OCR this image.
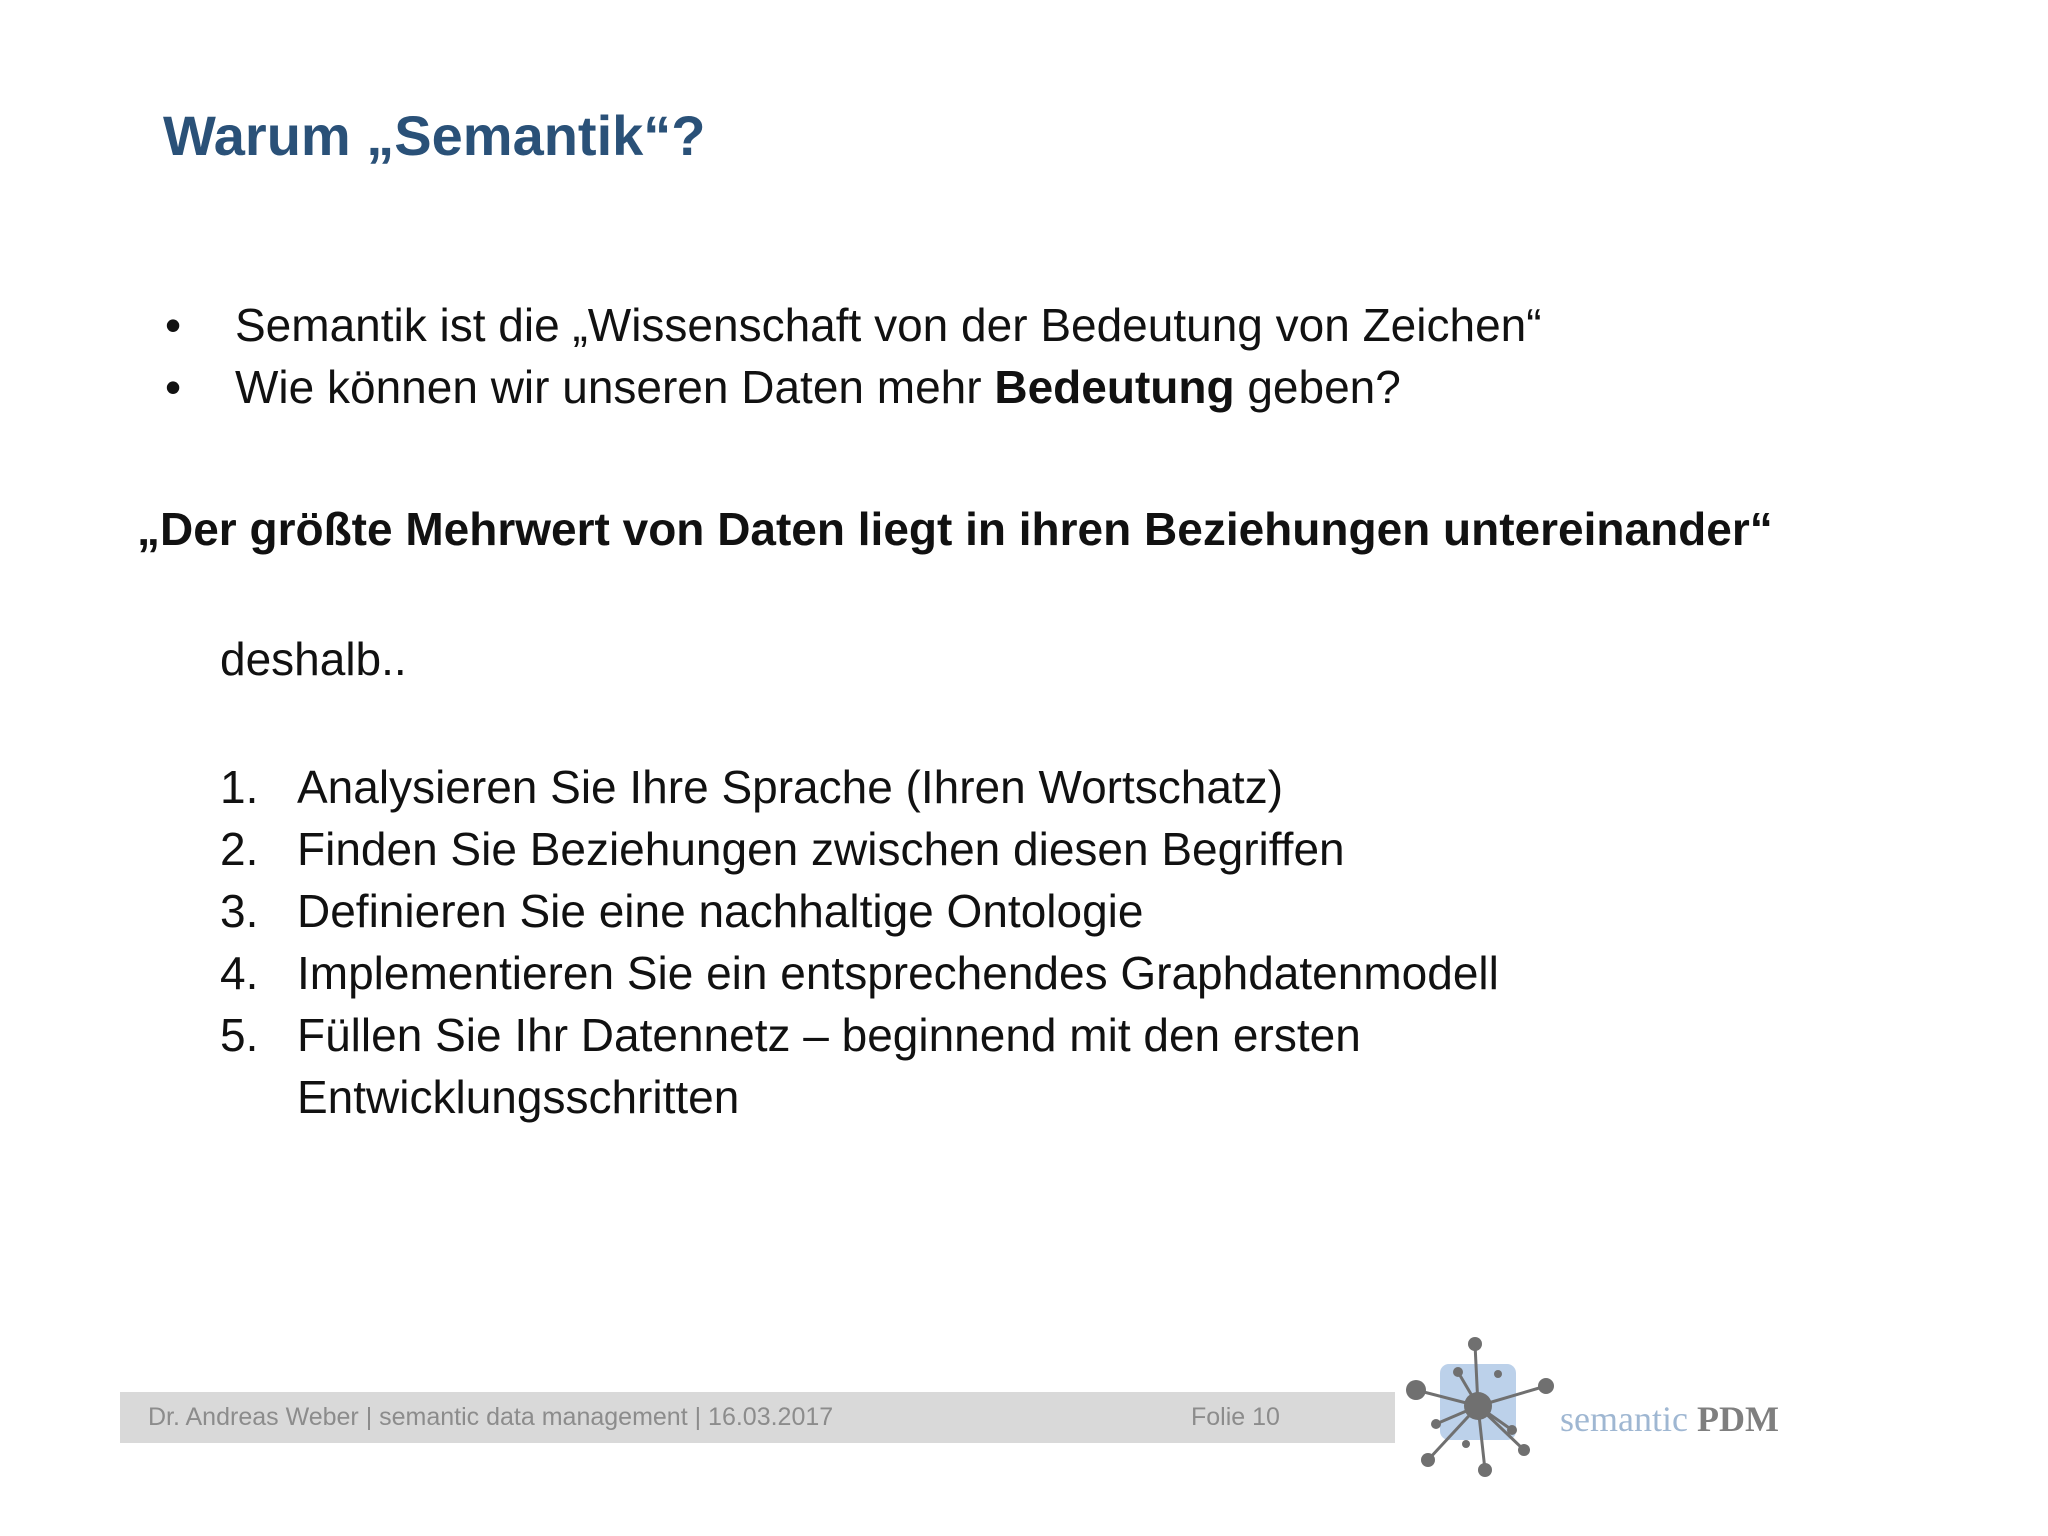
Warum „Semantik“?
• Semantik ist die „Wissenschaft von der Bedeutung von Zeichen“
• Wie können wir unseren Daten mehr Bedeutung geben?
„Der größte Mehrwert von Daten liegt in ihren Beziehungen untereinander“
deshalb..
1. Analysieren Sie Ihre Sprache (Ihren Wortschatz)
2. Finden Sie Beziehungen zwischen diesen Begriffen
3. Definieren Sie eine nachhaltige Ontologie
4. Implementieren Sie ein entsprechendes Graphdatenmodell
5. Füllen Sie Ihr Datennetz – beginnend mit den ersten
Entwicklungsschritten
Dr. Andreas Weber | semantic data management | 16.03.2017	Folie 10	semantic PDM
